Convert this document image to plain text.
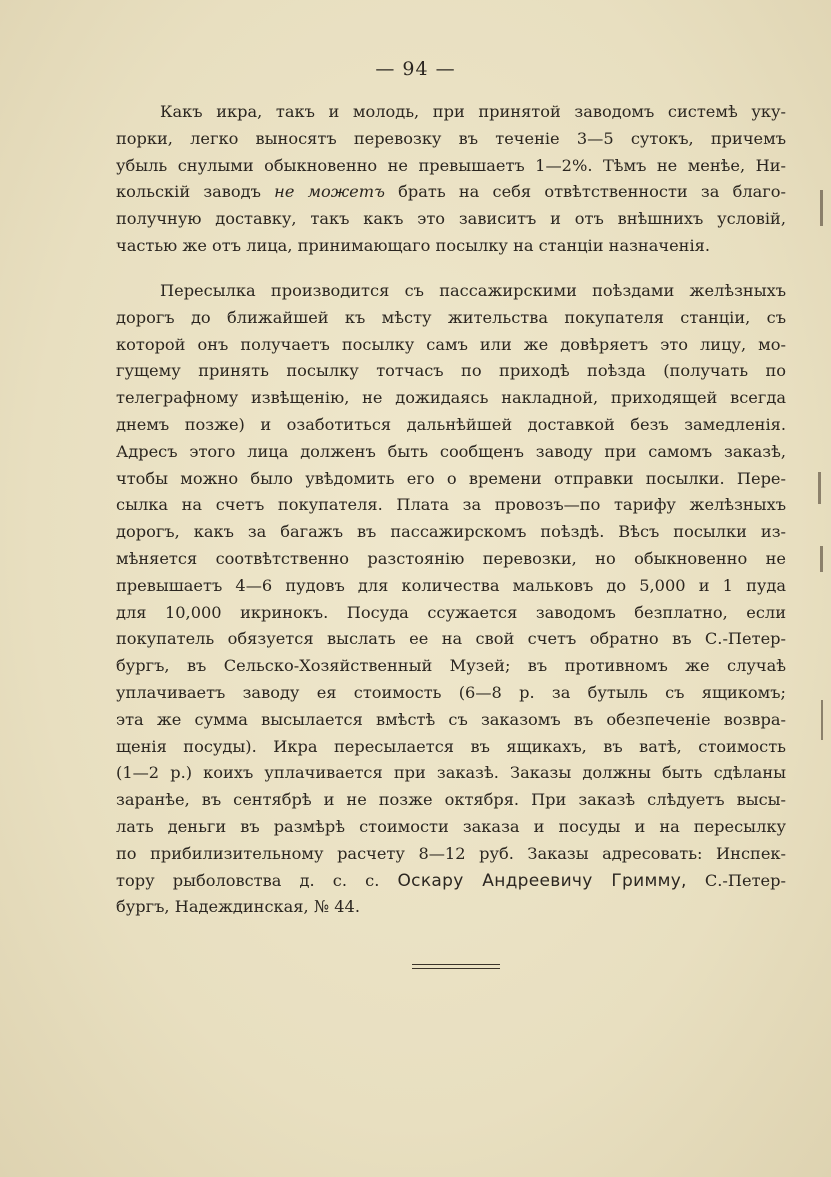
— 94 —
Какъ икра, такъ и молодь, при принятой заводомъ системѣ уку-
порки, легко выносятъ перевозку въ теченіе 3—5 сутокъ, причемъ
убыль снулыми обыкновенно не превышаетъ 1—2%. Тѣмъ не менѣе, Ни-
кольскій заводъ не можетъ брать на себя отвѣтственности за благо-
получную доставку, такъ какъ это зависитъ и отъ внѣшнихъ условій,
частью же отъ лица, принимающаго посылку на станціи назначенія.
Пересылка производится съ пассажирскими поѣздами желѣзныхъ
дорогъ до ближайшей къ мѣсту жительства покупателя станціи, съ
которой онъ получаетъ посылку самъ или же довѣряетъ это лицу, мо-
гущему принять посылку тотчасъ по приходѣ поѣзда (получать по
телеграфному извѣщенію, не дожидаясь накладной, приходящей всегда
днемъ позже) и озаботиться дальнѣйшей доставкой безъ замедленія.
Адресъ этого лица долженъ быть сообщенъ заводу при самомъ заказѣ,
чтобы можно было увѣдомить его о времени отправки посылки. Пере-
сылка на счетъ покупателя. Плата за провозъ—по тарифу желѣзныхъ
дорогъ, какъ за багажъ въ пассажирскомъ поѣздѣ. Вѣсъ посылки из-
мѣняется соотвѣтственно разстоянію перевозки, но обыкновенно не
превышаетъ 4—6 пудовъ для количества мальковъ до 5,000 и 1 пуда
для 10,000 икринокъ. Посуда ссужается заводомъ безплатно, если
покупатель обязуется выслать ее на свой счетъ обратно въ С.-Петер-
бургъ, въ Сельско-Хозяйственный Музей; въ противномъ же случаѣ
уплачиваетъ заводу ея стоимость (6—8 р. за бутыль съ ящикомъ;
эта же сумма высылается вмѣстѣ съ заказомъ въ обезпеченіе возвра-
щенія посуды). Икра пересылается въ ящикахъ, въ ватѣ, стоимость
(1—2 р.) коихъ уплачивается при заказѣ. Заказы должны быть сдѣланы
заранѣе, въ сентябрѣ и не позже октября. При заказѣ слѣдуетъ высы-
лать деньги въ размѣрѣ стоимости заказа и посуды и на пересылку
по прибилизительному расчету 8—12 руб. Заказы адресовать: Инспек-
тору рыболовства д. с. с. Оскару Андреевичу Гримму, С.-Петер-
бургъ, Надеждинская, № 44.
